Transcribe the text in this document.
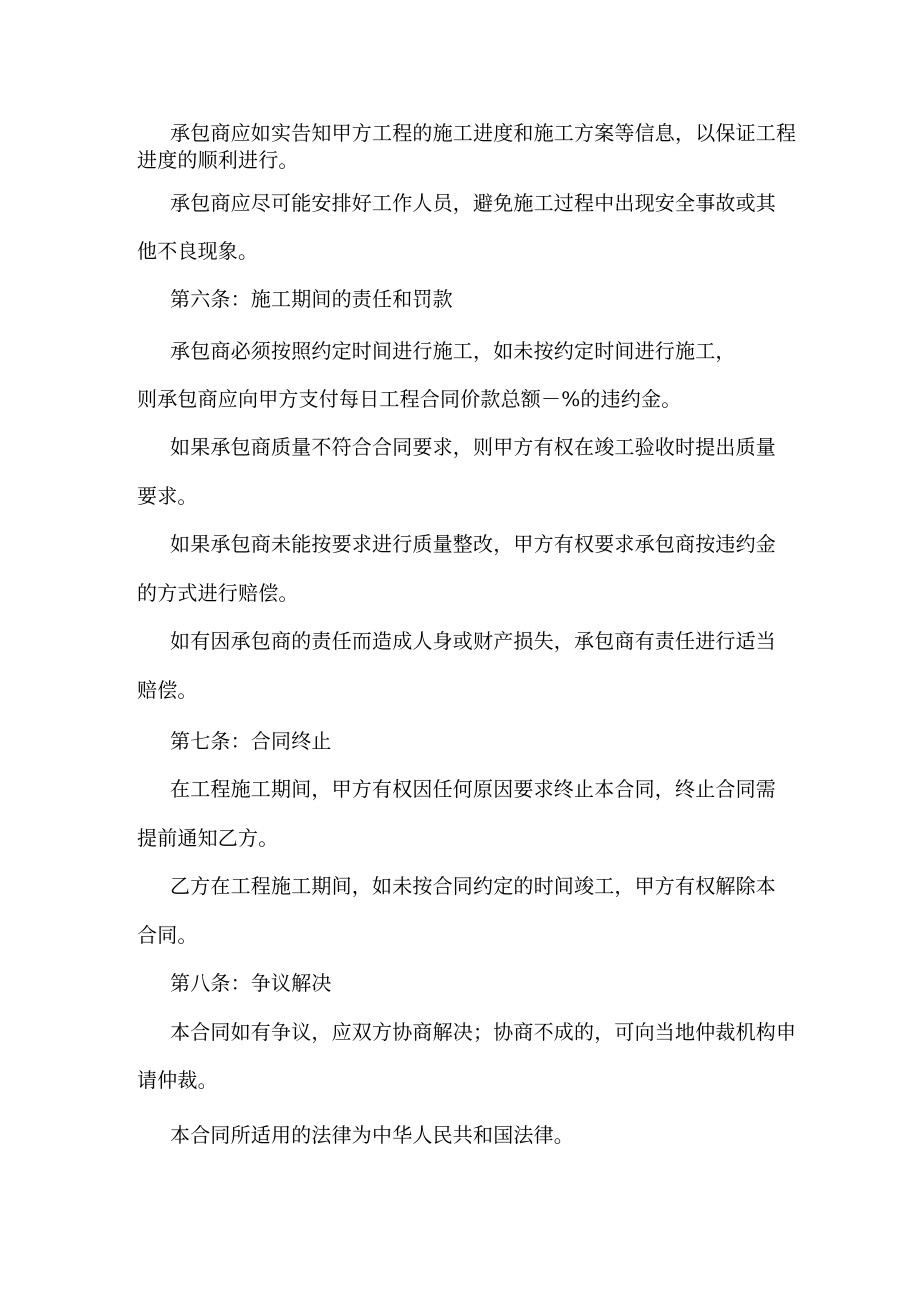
承包商应如实告知甲方工程的施工进度和施工方案等信息，以保证工程
进度的顺利进行。
承包商应尽可能安排好工作人员，避免施工过程中出现安全事故或其
他不良现象。
第六条：施工期间的责任和罚款
承包商必须按照约定时间进行施工，如未按约定时间进行施工，
则承包商应向甲方支付每日工程合同价款总额－%的违约金。
如果承包商质量不符合合同要求，则甲方有权在竣工验收时提出质量
要求。
如果承包商未能按要求进行质量整改，甲方有权要求承包商按违约金
的方式进行赔偿。
如有因承包商的责任而造成人身或财产损失，承包商有责任进行适当
赔偿。
第七条：合同终止
在工程施工期间，甲方有权因任何原因要求终止本合同，终止合同需
提前通知乙方。
乙方在工程施工期间，如未按合同约定的时间竣工，甲方有权解除本
合同。
第八条：争议解决
本合同如有争议，应双方协商解决；协商不成的，可向当地仲裁机构申
请仲裁。
本合同所适用的法律为中华人民共和国法律。
